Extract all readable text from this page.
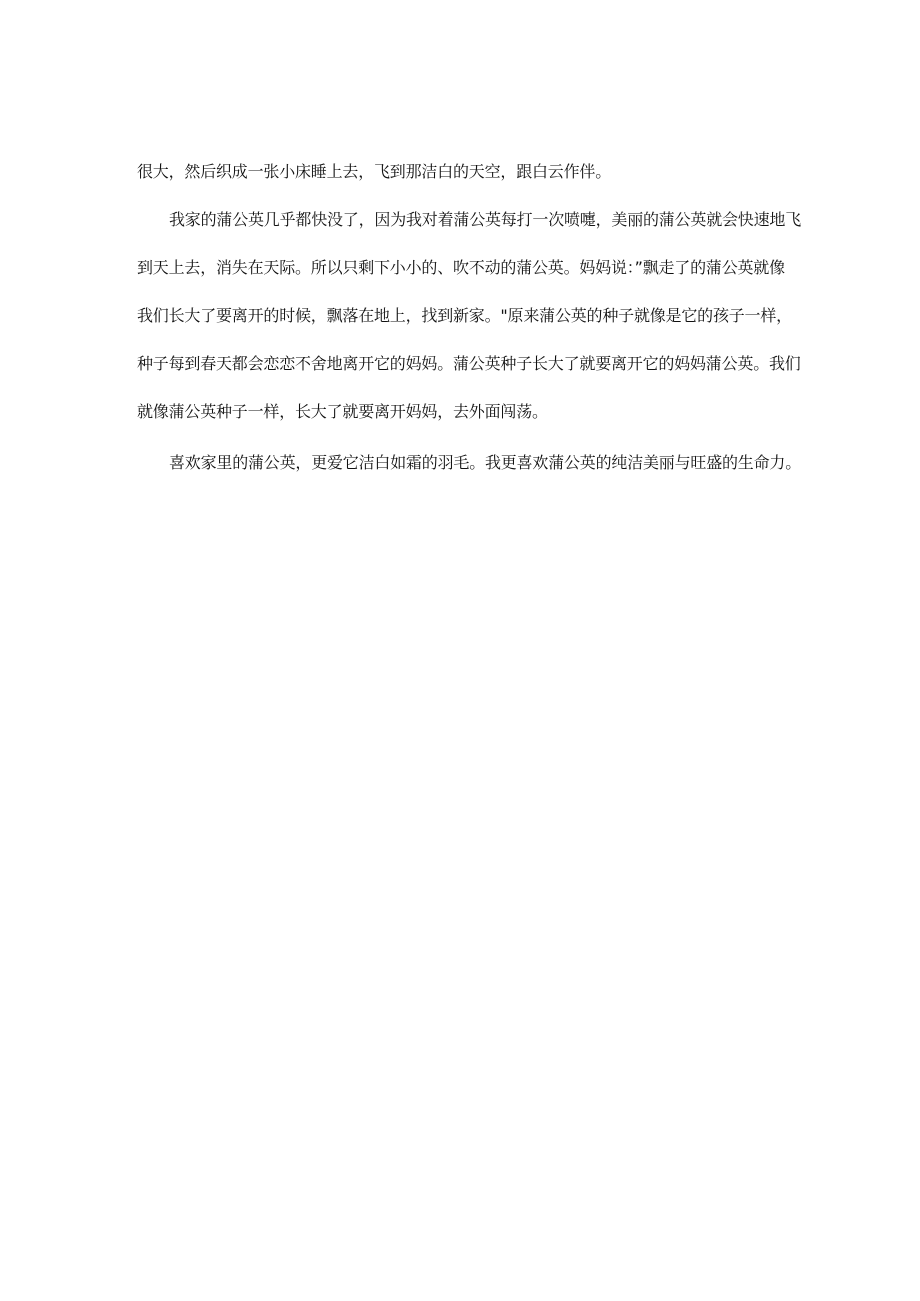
很大，然后织成一张小床睡上去，飞到那洁白的天空，跟白云作伴。
我家的蒲公英几乎都快没了，因为我对着蒲公英每打一次喷嚏，美丽的蒲公英就会快速地飞
到天上去，消失在天际。所以只剩下小小的、吹不动的蒲公英。妈妈说：”飘走了的蒲公英就像
我们长大了要离开的时候，飘落在地上，找到新家。"原来蒲公英的种子就像是它的孩子一样，
种子每到春天都会恋恋不舍地离开它的妈妈。蒲公英种子长大了就要离开它的妈妈蒲公英。我们
就像蒲公英种子一样，长大了就要离开妈妈，去外面闯荡。
喜欢家里的蒲公英，更爱它洁白如霜的羽毛。我更喜欢蒲公英的纯洁美丽与旺盛的生命力。
